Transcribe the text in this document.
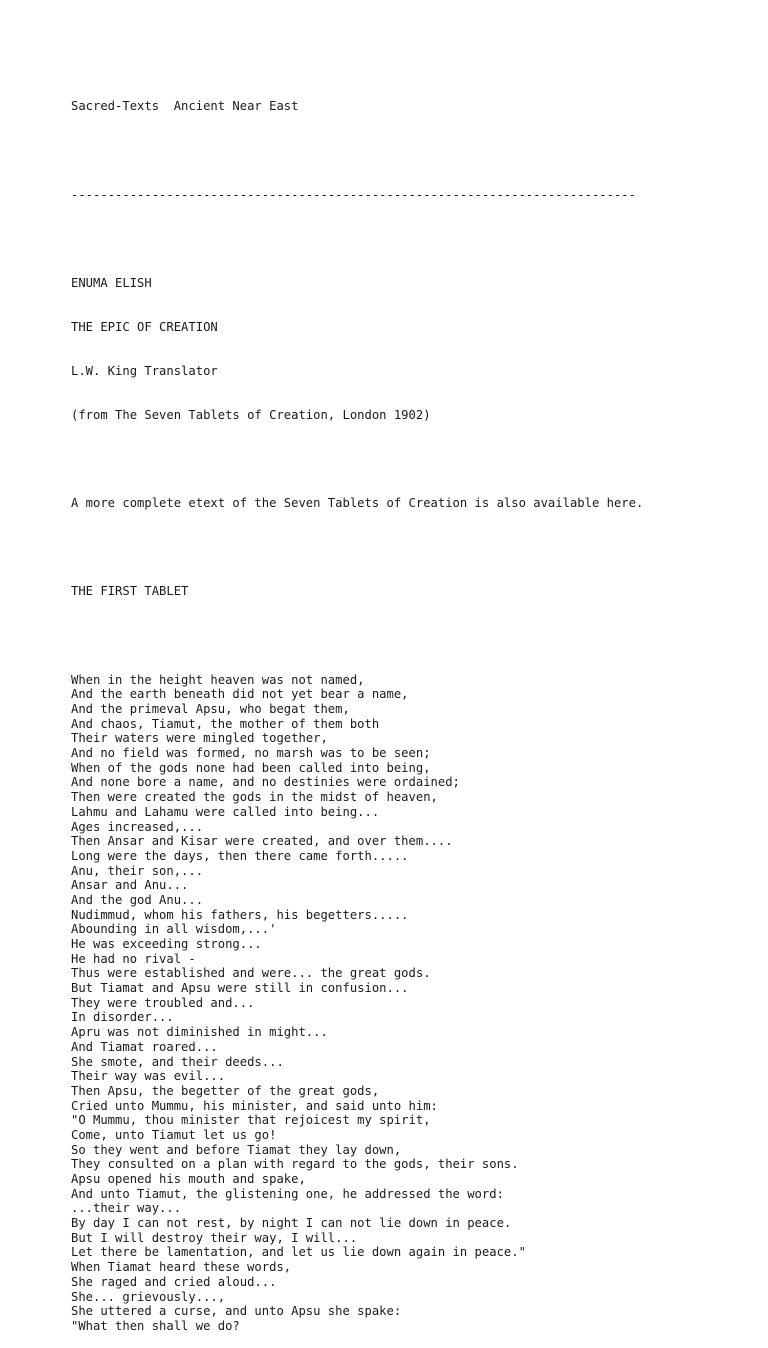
Sacred-Texts  Ancient Near East

-----------------------------------------------------------------------------

ENUMA ELISH

THE EPIC OF CREATION

L.W. King Translator

(from The Seven Tablets of Creation, London 1902)

A more complete etext of the Seven Tablets of Creation is also available here.

THE FIRST TABLET

When in the height heaven was not named,
And the earth beneath did not yet bear a name,
And the primeval Apsu, who begat them,
And chaos, Tiamut, the mother of them both
Their waters were mingled together,
And no field was formed, no marsh was to be seen;
When of the gods none had been called into being,
And none bore a name, and no destinies were ordained;
Then were created the gods in the midst of heaven,
Lahmu and Lahamu were called into being...
Ages increased,...
Then Ansar and Kisar were created, and over them....
Long were the days, then there came forth.....
Anu, their son,...
Ansar and Anu...
And the god Anu...
Nudimmud, whom his fathers, his begetters.....
Abounding in all wisdom,...'
He was exceeding strong...
He had no rival -
Thus were established and were... the great gods.
But Tiamat and Apsu were still in confusion...
They were troubled and...
In disorder...
Apru was not diminished in might...
And Tiamat roared...
She smote, and their deeds...
Their way was evil...
Then Apsu, the begetter of the great gods,
Cried unto Mummu, his minister, and said unto him:
"O Mummu, thou minister that rejoicest my spirit,
Come, unto Tiamut let us go!
So they went and before Tiamat they lay down,
They consulted on a plan with regard to the gods, their sons.
Apsu opened his mouth and spake,
And unto Tiamut, the glistening one, he addressed the word:
...their way...
By day I can not rest, by night I can not lie down in peace.
But I will destroy their way, I will...
Let there be lamentation, and let us lie down again in peace."
When Tiamat heard these words,
She raged and cried aloud...
She... grievously...,
She uttered a curse, and unto Apsu she spake:
"What then shall we do?
